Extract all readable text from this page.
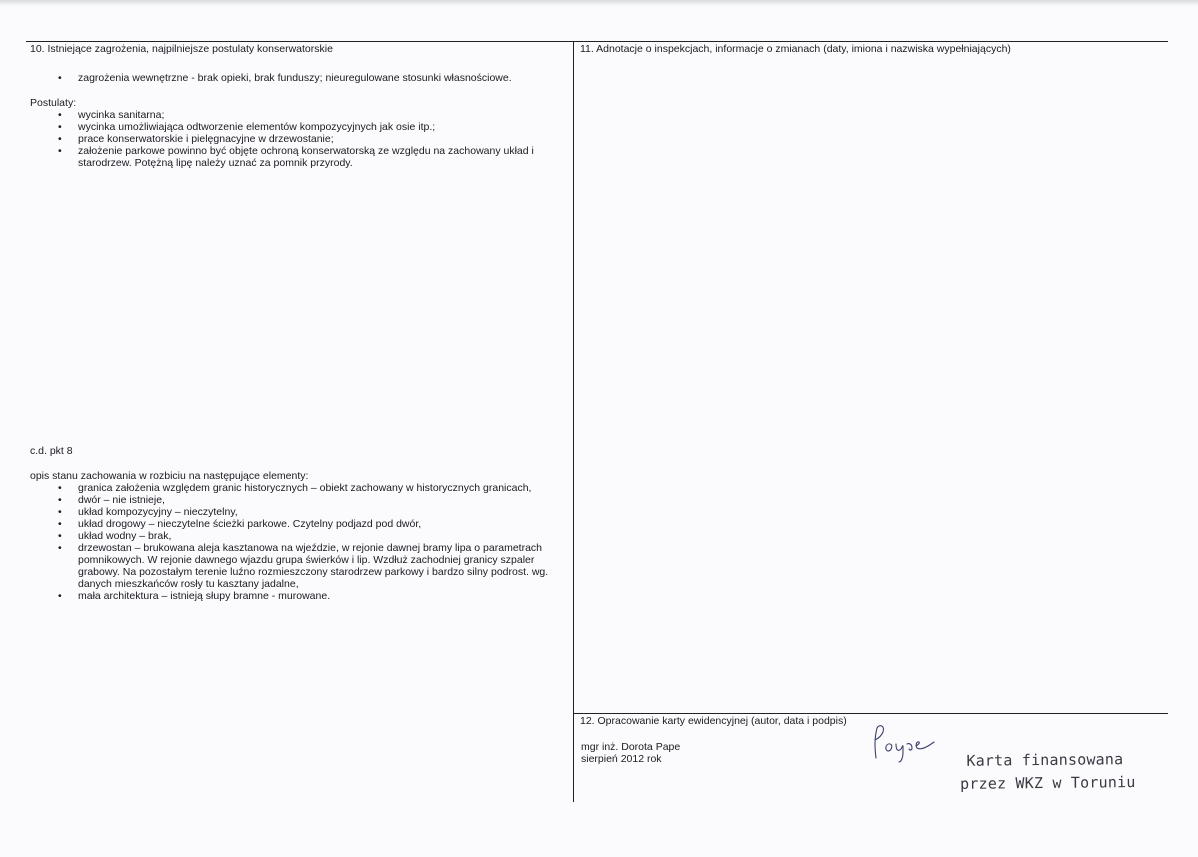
10. Istniejące zagrożenia, najpilniejsze postulaty konserwatorskie
• zagrożenia wewnętrzne - brak opieki, brak funduszy; nieuregulowane stosunki własnościowe.
Postulaty:
• wycinka sanitarna;
• wycinka umożliwiająca odtworzenie elementów kompozycyjnych jak osie itp.;
• prace konserwatorskie i pielęgnacyjne w drzewostanie;
• założenie parkowe powinno być objęte ochroną konserwatorską ze względu na zachowany układ i starodrzew. Potężną lipę należy uznać za pomnik przyrody.
c.d. pkt 8
opis stanu zachowania w rozbiciu na następujące elementy:
• granica założenia względem granic historycznych – obiekt zachowany w historycznych granicach,
• dwór – nie istnieje,
• układ kompozycyjny – nieczytelny,
• układ drogowy – nieczytelne ścieżki parkowe. Czytelny podjazd pod dwór,
• układ wodny – brak,
• drzewostan – brukowana aleja kasztanowa na wjeździe, w rejonie dawnej bramy lipa o parametrach pomnikowych. W rejonie dawnego wjazdu grupa świerków i lip. Wzdłuż zachodniej granicy szpaler grabowy. Na pozostałym terenie luźno rozmieszczony starodrzew parkowy i bardzo silny podrost. wg. danych mieszkańców rosły tu kasztany jadalne,
• mała architektura – istnieją słupy bramne - murowane.
11. Adnotacje o inspekcjach, informacje o zmianach (daty, imiona i nazwiska wypełniających)
12. Opracowanie karty ewidencyjnej (autor, data i podpis)
mgr inż. Dorota Pape
sierpień 2012 rok	Karta finansowana
przez WKZ w Toruniu
